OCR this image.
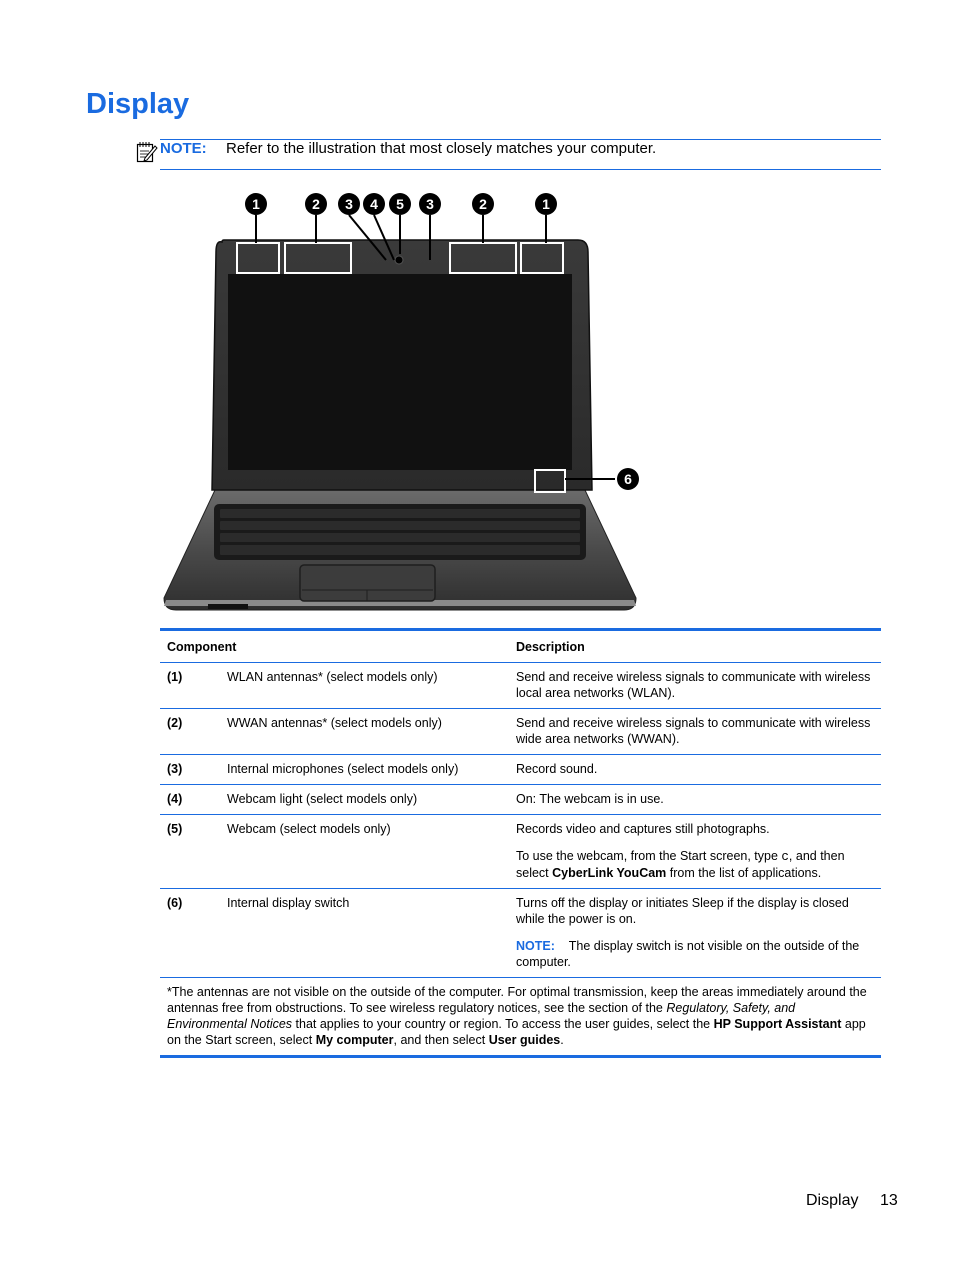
Display
NOTE: Refer to the illustration that most closely matches your computer.
1	2 3 4 5 3	2	1
6
Component	Description
(1)	WLAN antennas* (select models only)	Send and receive wireless signals to communicate with wireless local area networks (WLAN).

(2)	WWAN antennas* (select models only)	Send and receive wireless signals to communicate with wireless wide area networks (WWAN).

(3)	Internal microphones (select models only)	Record sound.

(4)	Webcam light (select models only)	On: The webcam is in use.

(5)	Webcam (select models only)	Records video and captures still photographs.

To use the webcam, from the Start screen, type c, and then select CyberLink YouCam from the list of applications.

(6)	Internal display switch	Turns off the display or initiates Sleep if the display is closed while the power is on.

NOTE: The display switch is not visible on the outside of the computer.

*The antennas are not visible on the outside of the computer. For optimal transmission, keep the areas immediately around the antennas free from obstructions. To see wireless regulatory notices, see the section of the Regulatory, Safety, and Environmental Notices that applies to your country or region. To access the user guides, select the HP Support Assistant app on the Start screen, select My computer, and then select User guides.
Display 13
